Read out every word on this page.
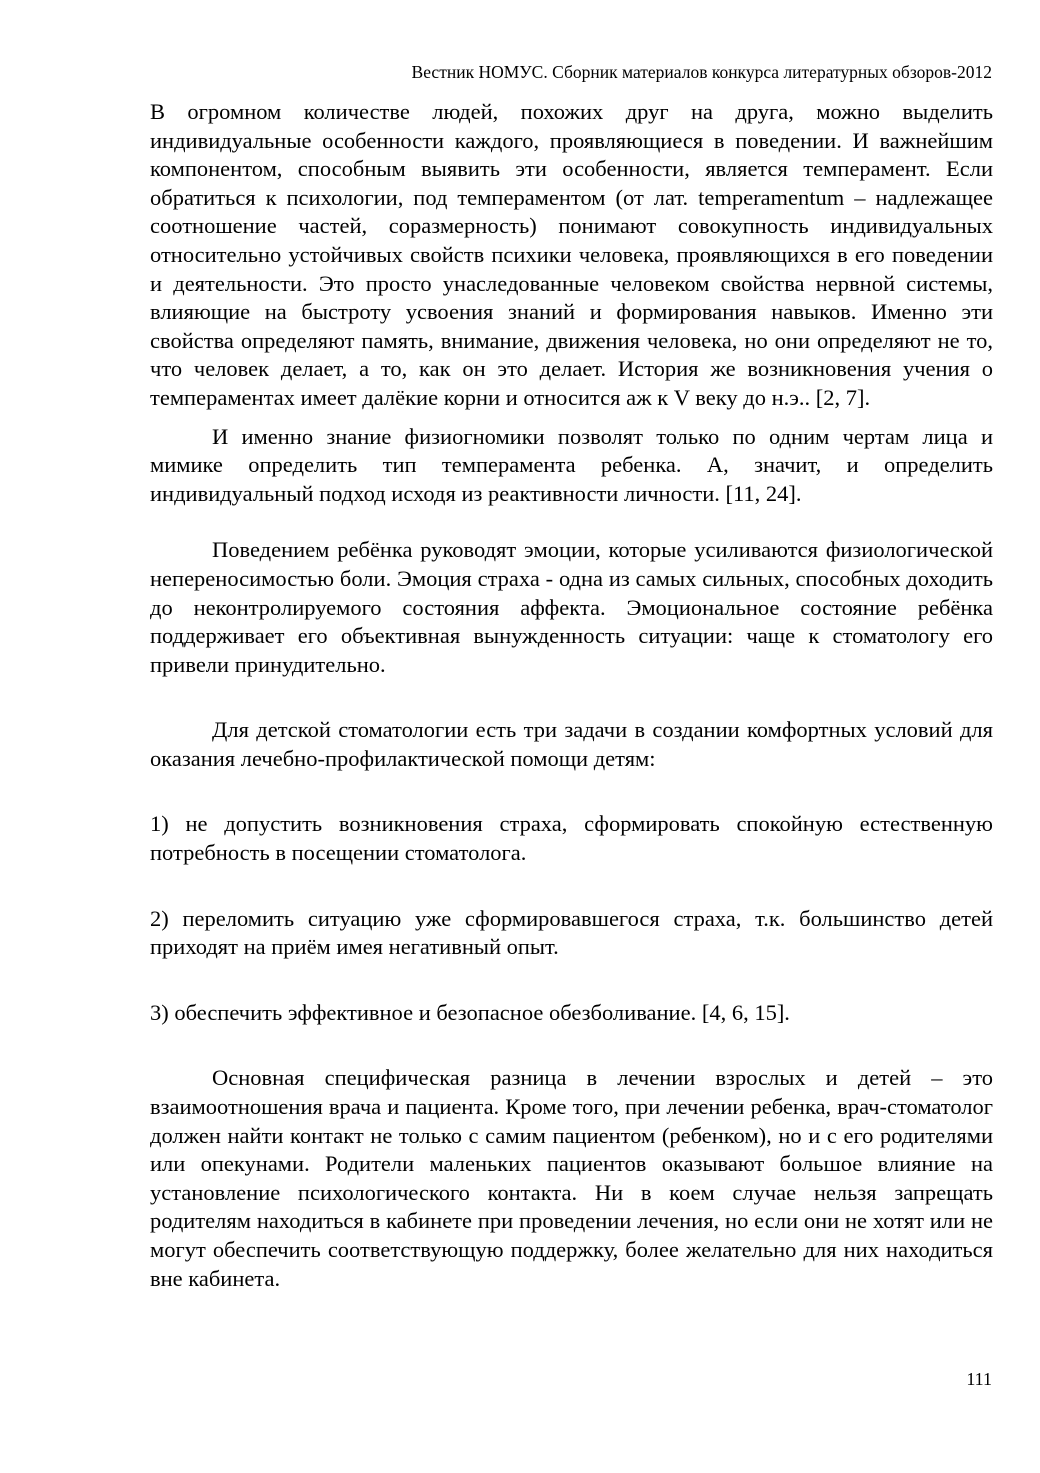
Вестник НОМУС. Сборник материалов конкурса литературных обзоров-2012

В огромном количестве людей, похожих друг на друга, можно выделить индивидуальные особенности каждого, проявляющиеся в поведении. И важнейшим компонентом, способным выявить эти особенности, является темперамент. Если обратиться к психологии, под темпераментом (от лат. temperamentum – надлежащее соотношение частей, соразмерность) понимают совокупность индивидуальных относительно устойчивых свойств психики человека, проявляющихся в его поведении и деятельности. Это просто унаследованные человеком свойства нервной системы, влияющие на быстроту усвоения знаний и формирования навыков. Именно эти свойства определяют память, внимание, движения человека, но они определяют не то, что человек делает, а то, как он это делает. История же возникновения учения о темпераментах имеет далёкие корни и относится аж к V веку до н.э.. [2, 7].

И именно знание физиогномики позволят только по одним чертам лица и мимике определить тип темперамента ребенка. А, значит, и определить индивидуальный подход исходя из реактивности личности. [11, 24].

Поведением ребёнка руководят эмоции, которые усиливаются физиологической непереносимостью боли. Эмоция страха - одна из самых сильных, способных доходить до неконтролируемого состояния аффекта. Эмоциональное состояние ребёнка поддерживает его объективная вынужденность ситуации: чаще к стоматологу его привели принудительно.

Для детской стоматологии есть три задачи в создании комфортных условий для оказания лечебно-профилактической помощи детям:

1) не допустить возникновения страха, сформировать спокойную естественную потребность в посещении стоматолога.

2) переломить ситуацию уже сформировавшегося страха, т.к. большинство детей приходят на приём имея негативный опыт.

3) обеспечить эффективное и безопасное обезболивание. [4, 6, 15].

Основная специфическая разница в лечении взрослых и детей – это взаимоотношения врача и пациента. Кроме того, при лечении ребенка, врач-стоматолог должен найти контакт не только с самим пациентом (ребенком), но и с его родителями или опекунами. Родители маленьких пациентов оказывают большое влияние на установление психологического контакта. Ни в коем случае нельзя запрещать родителям находиться в кабинете при проведении лечения, но если они не хотят или не могут обеспечить соответствующую поддержку, более желательно для них находиться вне кабинета.

111
